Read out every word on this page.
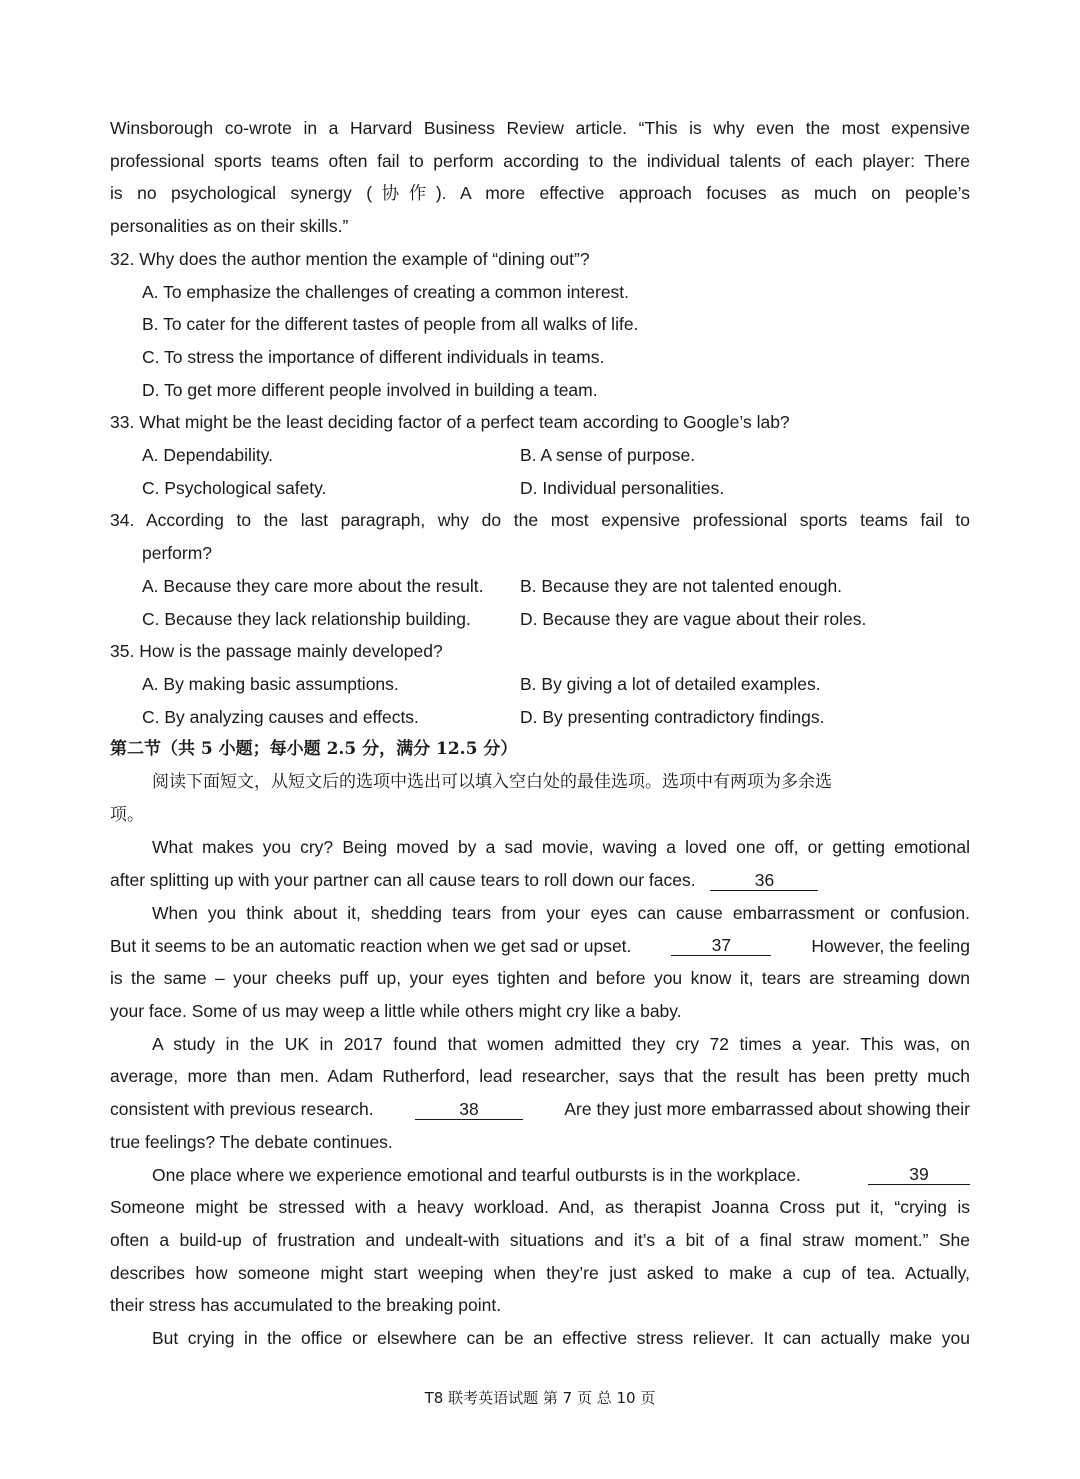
Winsborough co-wrote in a Harvard Business Review article. “This is why even the most expensive
professional sports teams often fail to perform according to the individual talents of each player: There
is no psychological synergy (协作). A more effective approach focuses as much on people’s
personalities as on their skills.”
32. Why does the author mention the example of “dining out”?
A. To emphasize the challenges of creating a common interest.
B. To cater for the different tastes of people from all walks of life.
C. To stress the importance of different individuals in teams.
D. To get more different people involved in building a team.
33. What might be the least deciding factor of a perfect team according to Google’s lab?
A. Dependability.	B. A sense of purpose.
C. Psychological safety.	D. Individual personalities.
34. According to the last paragraph, why do the most expensive professional sports teams fail to
perform?
A. Because they care more about the result.	B. Because they are not talented enough.
C. Because they lack relationship building.	D. Because they are vague about their roles.
35. How is the passage mainly developed?
A. By making basic assumptions.	B. By giving a lot of detailed examples.
C. By analyzing causes and effects.	D. By presenting contradictory findings.
第二节（共 5 小题；每小题 2.5 分，满分 12.5 分）
阅读下面短文，从短文后的选项中选出可以填入空白处的最佳选项。选项中有两项为多余选
项。
What makes you cry? Being moved by a sad movie, waving a loved one off, or getting emotional
after splitting up with your partner can all cause tears to roll down our faces.	36
When you think about it, shedding tears from your eyes can cause embarrassment or confusion.
But it seems to be an automatic reaction when we get sad or upset.	37	However, the feeling
is the same – your cheeks puff up, your eyes tighten and before you know it, tears are streaming down
your face. Some of us may weep a little while others might cry like a baby.
A study in the UK in 2017 found that women admitted they cry 72 times a year. This was, on
average, more than men. Adam Rutherford, lead researcher, says that the result has been pretty much
consistent with previous research.	38	Are they just more embarrassed about showing their
true feelings? The debate continues.
One place where we experience emotional and tearful outbursts is in the workplace.	39
Someone might be stressed with a heavy workload. And, as therapist Joanna Cross put it, “crying is
often a build-up of frustration and undealt-with situations and it’s a bit of a final straw moment.” She
describes how someone might start weeping when they’re just asked to make a cup of tea. Actually,
their stress has accumulated to the breaking point.
But crying in the office or elsewhere can be an effective stress reliever. It can actually make you
T8 联考英语试题 第 7 页 总 10 页
